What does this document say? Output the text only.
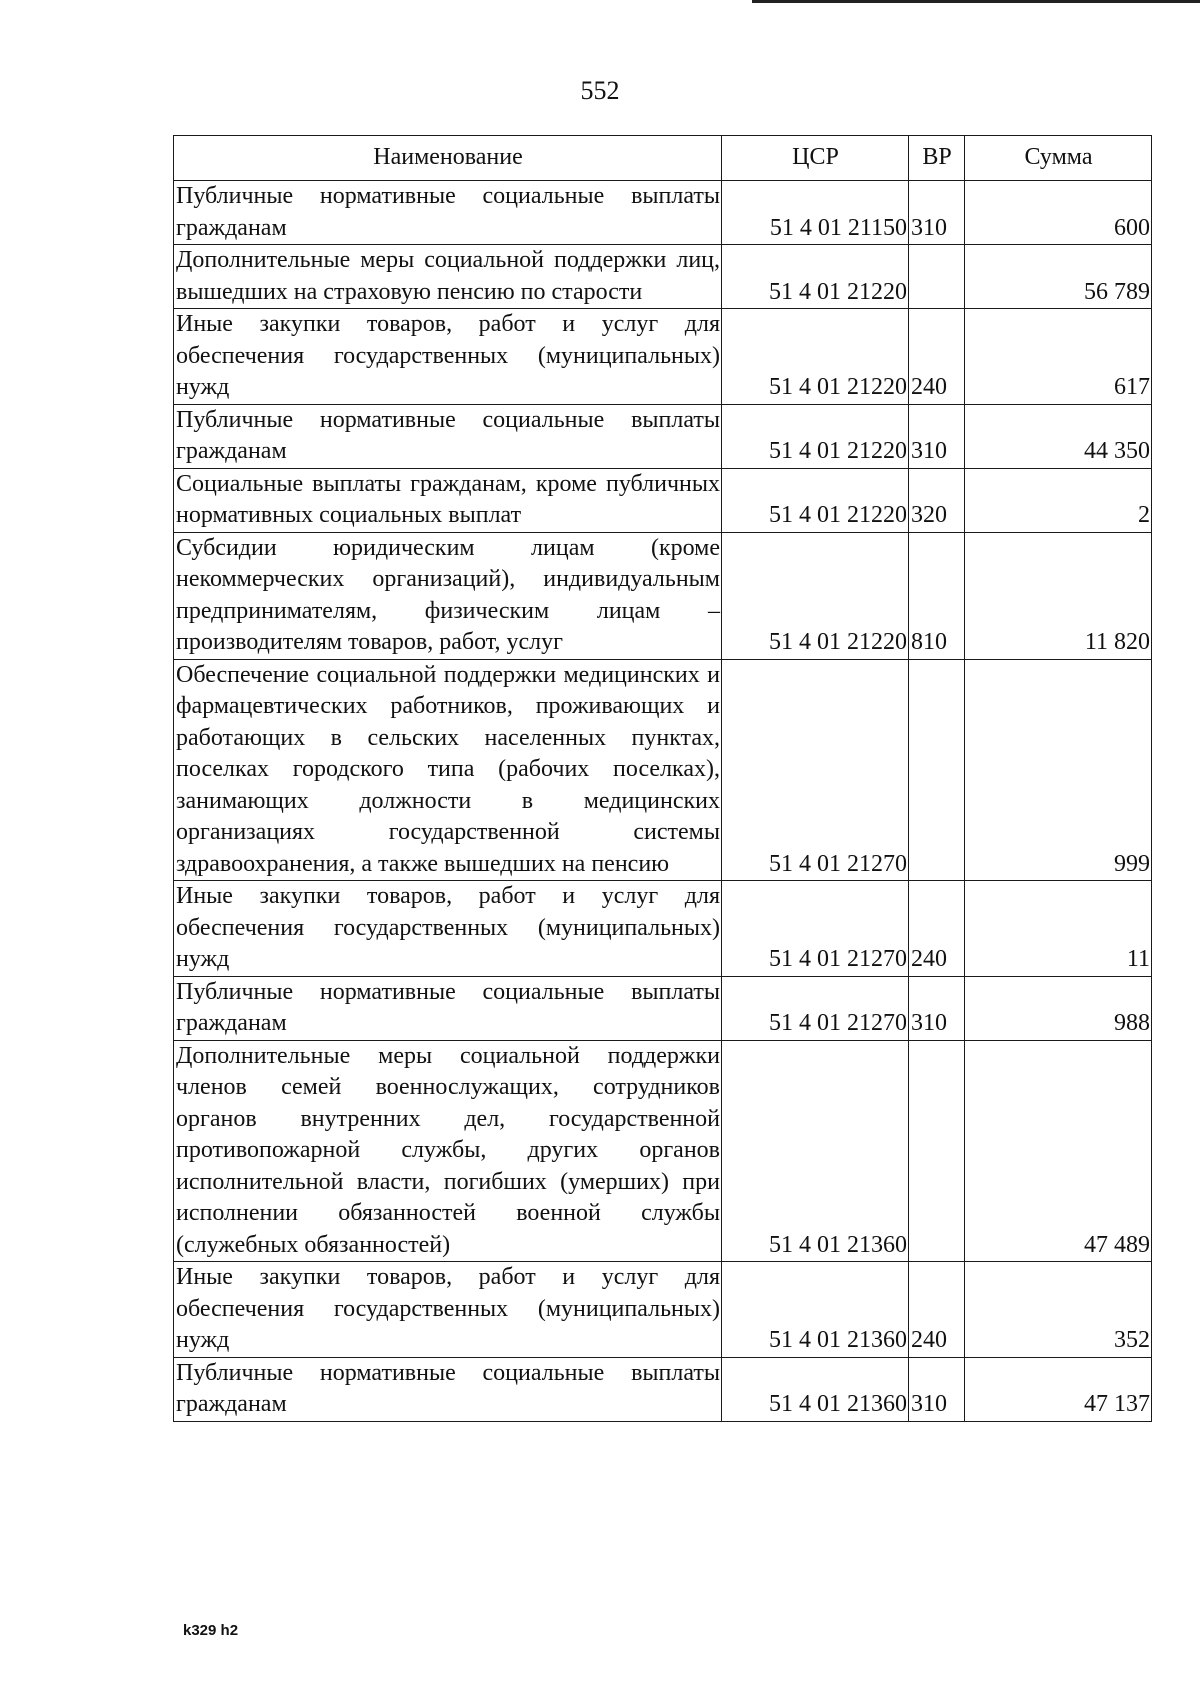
552
Наименование	ЦСР	ВР	Сумма
Публичные нормативные социальные выплаты гражданам	51 4 01 21150	310	600
Дополнительные меры социальной поддержки лиц, вышедших на страховую пенсию по старости	51 4 01 21220		56 789
Иные закупки товаров, работ и услуг для обеспечения государственных (муниципальных) нужд	51 4 01 21220	240	617
Публичные нормативные социальные выплаты гражданам	51 4 01 21220	310	44 350
Социальные выплаты гражданам, кроме публичных нормативных социальных выплат	51 4 01 21220	320	2
Субсидии юридическим лицам (кроме некоммерческих организаций), индивидуальным предпринимателям, физическим лицам – производителям товаров, работ, услуг	51 4 01 21220	810	11 820
Обеспечение социальной поддержки медицинских и фармацевтических работников, проживающих и работающих в сельских населенных пунктах, поселках городского типа (рабочих поселках), занимающих должности в медицинских организациях государственной системы здравоохранения, а также вышедших на пенсию	51 4 01 21270		999
Иные закупки товаров, работ и услуг для обеспечения государственных (муниципальных) нужд	51 4 01 21270	240	11
Публичные нормативные социальные выплаты гражданам	51 4 01 21270	310	988
Дополнительные меры социальной поддержки членов семей военнослужащих, сотрудников органов внутренних дел, государственной противопожарной службы, других органов исполнительной власти, погибших (умерших) при исполнении обязанностей военной службы (служебных обязанностей)	51 4 01 21360		47 489
Иные закупки товаров, работ и услуг для обеспечения государственных (муниципальных) нужд	51 4 01 21360	240	352
Публичные нормативные социальные выплаты гражданам	51 4 01 21360	310	47 137
k329 h2
